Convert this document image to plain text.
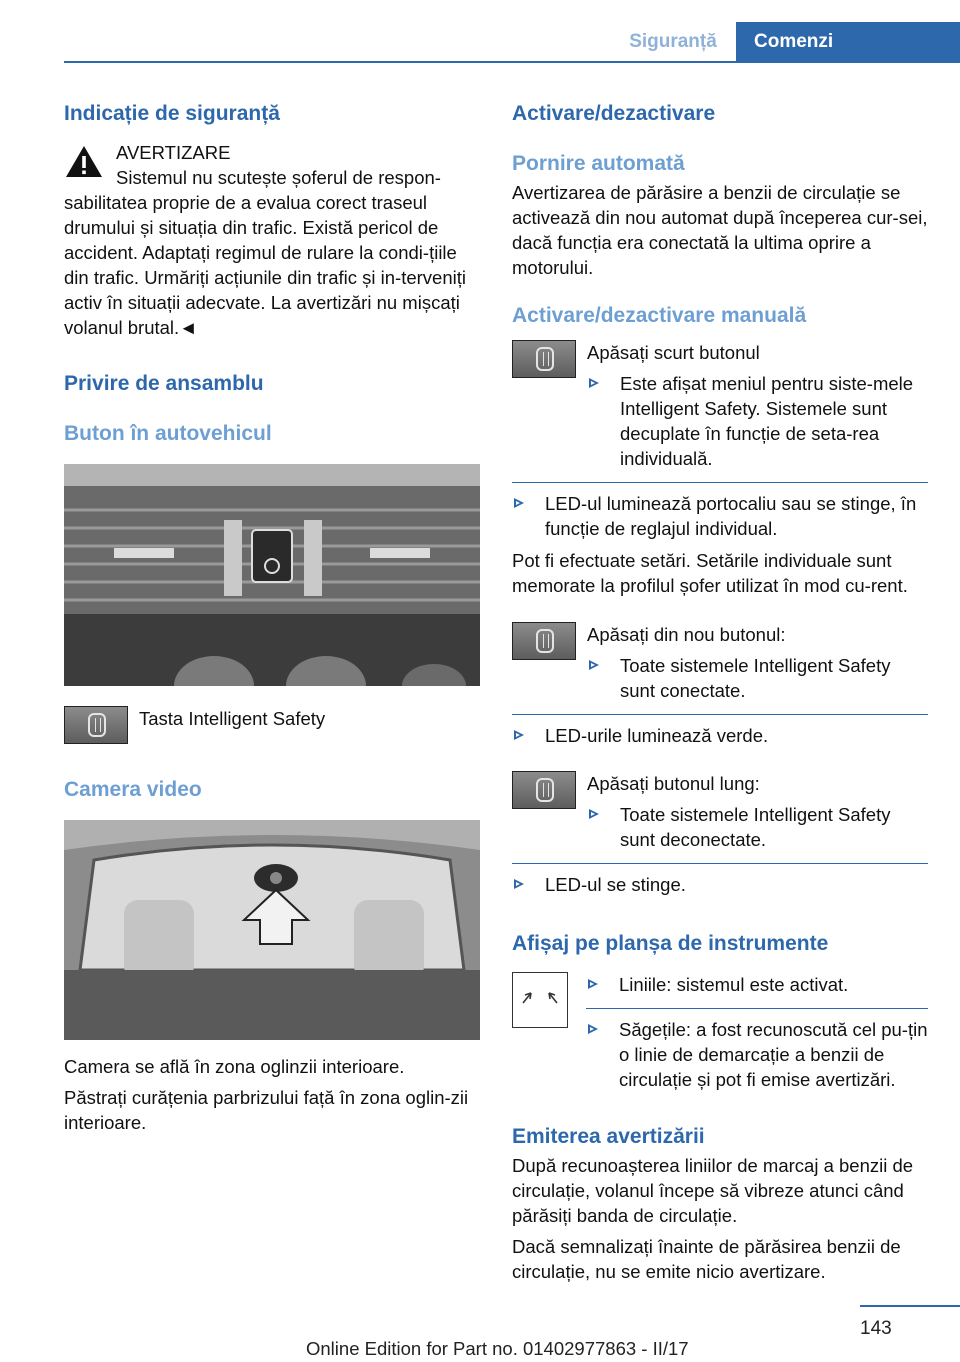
Siguranță	Comenzi
Indicație de siguranță
AVERTIZARE

Sistemul nu scutește șoferul de respon-sabilitatea proprie de a evalua corect traseul drumului și situația din trafic. Există pericol de accident. Adaptați regimul de rulare la condi-țiile din trafic. Urmăriți acțiunile din trafic și in-terveniți activ în situații adecvate. La avertizări nu mișcați volanul brutal.◄

Privire de ansamblu
Buton în autovehicul

Tasta Intelligent Safety

Camera video

Camera se află în zona oglinzii interioare.

Păstrați curățenia parbrizului față în zona oglin-zii interioare.

Activare/dezactivare
Pornire automată

Avertizarea de părăsire a benzii de circulație se activează din nou automat după începerea cur-sei, dacă funcția era conectată la ultima oprire a motorului.

Activare/dezactivare manuală

Apăsați scurt butonul

Este afișat meniul pentru siste-mele Intelligent Safety. Sistemele sunt decuplate în funcție de seta-rea individuală.
LED-ul luminează portocaliu sau se stinge, în funcție de reglajul individual.

Pot fi efectuate setări. Setările individuale sunt memorate la profilul șofer utilizat în mod cu-rent.

Apăsați din nou butonul:

Toate sistemele Intelligent Safety sunt conectate.
LED-urile luminează verde.

Apăsați butonul lung:

Toate sistemele Intelligent Safety sunt deconectate.
LED-ul se stinge.
Afișaj pe planșa de instrumente
Liniile: sistemul este activat.
Săgețile: a fost recunoscută cel pu-țin o linie de demarcație a benzii de circulație și pot fi emise avertizări.
Emiterea avertizării

După recunoașterea liniilor de marcaj a benzii de circulație, volanul începe să vibreze atunci când părăsiți banda de circulație.

Dacă semnalizați înainte de părăsirea benzii de circulație, nu se emite nicio avertizare.

143
Online Edition for Part no. 01402977863 - II/17
